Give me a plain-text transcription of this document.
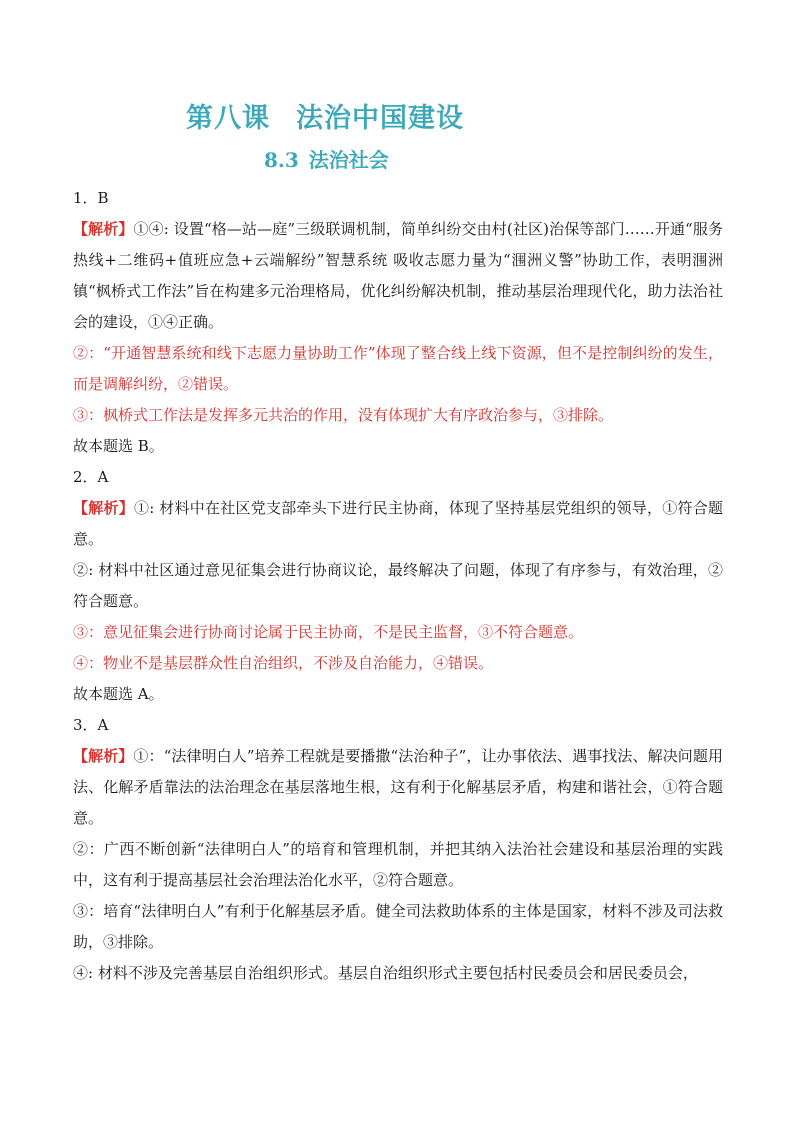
第八课 法治中国建设
8.3 法治社会

1．B

【解析】①④: 设置“格—站—庭”三级联调机制，简单纠纷交由村(社区)治保等部门……开通“服务热线+二维码+值班应急+云端解纷”智慧系统 吸收志愿力量为“涠洲义警”协助工作，表明涠洲镇“枫桥式工作法”旨在构建多元治理格局，优化纠纷解决机制，推动基层治理现代化，助力法治社会的建设，①④正确。

②：“开通智慧系统和线下志愿力量协助工作”体现了整合线上线下资源，但不是控制纠纷的发生，而是调解纠纷，②错误。

③：枫桥式工作法是发挥多元共治的作用，没有体现扩大有序政治参与，③排除。

故本题选 B。

2．A

【解析】①: 材料中在社区党支部牵头下进行民主协商，体现了坚持基层党组织的领导，①符合题意。

②: 材料中社区通过意见征集会进行协商议论，最终解决了问题，体现了有序参与，有效治理，②符合题意。

③：意见征集会进行协商讨论属于民主协商，不是民主监督，③不符合题意。

④：物业不是基层群众性自治组织，不涉及自治能力，④错误。

故本题选 A。

3．A

【解析】①：“法律明白人”培养工程就是要播撒“法治种子”，让办事依法、遇事找法、解决问题用法、化解矛盾靠法的法治理念在基层落地生根，这有利于化解基层矛盾，构建和谐社会，①符合题意。

②：广西不断创新“法律明白人”的培育和管理机制，并把其纳入法治社会建设和基层治理的实践中，这有利于提高基层社会治理法治化水平，②符合题意。

③：培育“法律明白人”有利于化解基层矛盾。健全司法救助体系的主体是国家，材料不涉及司法救助，③排除。

④: 材料不涉及完善基层自治组织形式。基层自治组织形式主要包括村民委员会和居民委员会，
